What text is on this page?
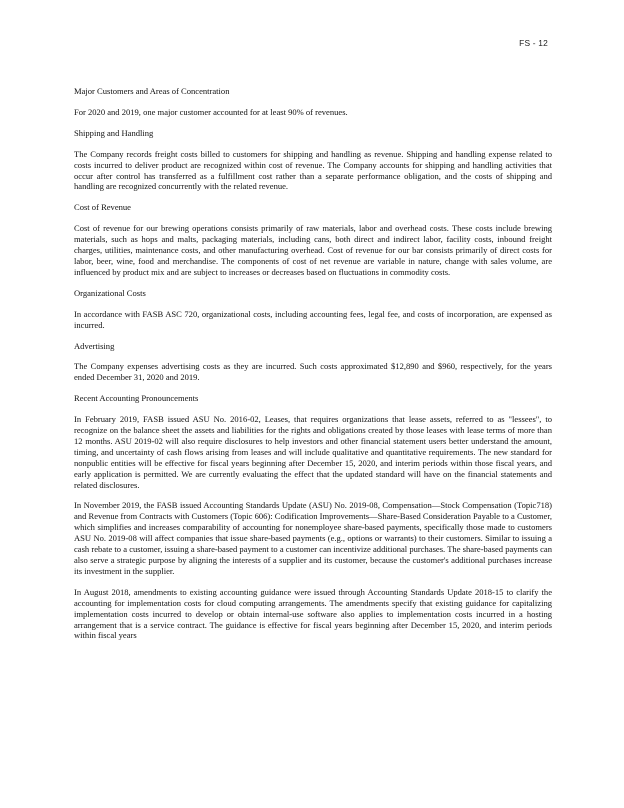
FS - 12

Major Customers and Areas of Concentration

For 2020 and 2019, one major customer accounted for at least 90% of revenues.

Shipping and Handling

The Company records freight costs billed to customers for shipping and handling as revenue. Shipping and handling expense related to costs incurred to deliver product are recognized within cost of revenue. The Company accounts for shipping and handling activities that occur after control has transferred as a fulfillment cost rather than a separate performance obligation, and the costs of shipping and handling are recognized concurrently with the related revenue.

Cost of Revenue

Cost of revenue for our brewing operations consists primarily of raw materials, labor and overhead costs. These costs include brewing materials, such as hops and malts, packaging materials, including cans, both direct and indirect labor, facility costs, inbound freight charges, utilities, maintenance costs, and other manufacturing overhead. Cost of revenue for our bar consists primarily of direct costs for labor, beer, wine, food and merchandise. The components of cost of net revenue are variable in nature, change with sales volume, are influenced by product mix and are subject to increases or decreases based on fluctuations in commodity costs.

Organizational Costs

In accordance with FASB ASC 720, organizational costs, including accounting fees, legal fee, and costs of incorporation, are expensed as incurred.

Advertising

The Company expenses advertising costs as they are incurred. Such costs approximated $12,890 and $960, respectively, for the years ended December 31, 2020 and 2019.

Recent Accounting Pronouncements

In February 2019, FASB issued ASU No. 2016-02, Leases, that requires organizations that lease assets, referred to as "lessees", to recognize on the balance sheet the assets and liabilities for the rights and obligations created by those leases with lease terms of more than 12 months. ASU 2019-02 will also require disclosures to help investors and other financial statement users better understand the amount, timing, and uncertainty of cash flows arising from leases and will include qualitative and quantitative requirements. The new standard for nonpublic entities will be effective for fiscal years beginning after December 15, 2020, and interim periods within those fiscal years, and early application is permitted. We are currently evaluating the effect that the updated standard will have on the financial statements and related disclosures.

In November 2019, the FASB issued Accounting Standards Update (ASU) No. 2019-08, Compensation—Stock Compensation (Topic718) and Revenue from Contracts with Customers (Topic 606): Codification Improvements—Share-Based Consideration Payable to a Customer, which simplifies and increases comparability of accounting for nonemployee share-based payments, specifically those made to customers ASU No. 2019-08 will affect companies that issue share-based payments (e.g., options or warrants) to their customers. Similar to issuing a cash rebate to a customer, issuing a share-based payment to a customer can incentivize additional purchases. The share-based payments can also serve a strategic purpose by aligning the interests of a supplier and its customer, because the customer's additional purchases increase its investment in the supplier.

In August 2018, amendments to existing accounting guidance were issued through Accounting Standards Update 2018-15 to clarify the accounting for implementation costs for cloud computing arrangements. The amendments specify that existing guidance for capitalizing implementation costs incurred to develop or obtain internal-use software also applies to implementation costs incurred in a hosting arrangement that is a service contract. The guidance is effective for fiscal years beginning after December 15, 2020, and interim periods within fiscal years
